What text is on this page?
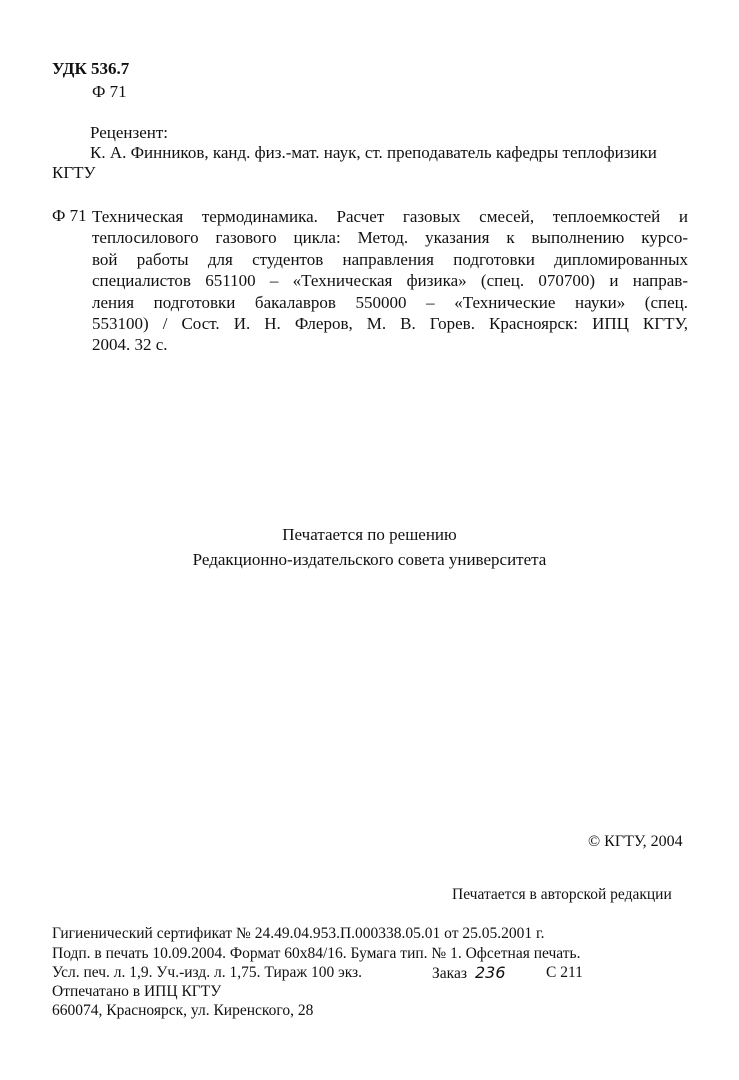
УДК 536.7
Ф 71
Рецензент:
К. А. Финников, канд. физ.-мат. наук, ст. преподаватель кафедры теплофизики
КГТУ
Ф 71 Техническая термодинамика. Расчет газовых смесей, теплоемкостей и
теплосилового газового цикла: Метод. указания к выполнению курсо-
вой работы для студентов направления подготовки дипломированных
специалистов 651100 – «Техническая физика» (спец. 070700) и направ-
ления подготовки бакалавров 550000 – «Технические науки» (спец.
553100) / Сост. И. Н. Флеров, М. В. Горев. Красноярск: ИПЦ КГТУ,
2004. 32 с.
Печатается по решению
Редакционно-издательского совета университета
© КГТУ, 2004
Печатается в авторской редакции
Гигиенический сертификат № 24.49.04.953.П.000338.05.01 от 25.05.2001 г.
Подп. в печать 10.09.2004. Формат 60x84/16. Бумага тип. № 1. Офсетная печать.
Усл. печ. л. 1,9. Уч.-изд. л. 1,75. Тираж 100 экз.	Заказ 236	С 211
Отпечатано в ИПЦ КГТУ
660074, Красноярск, ул. Киренского, 28
